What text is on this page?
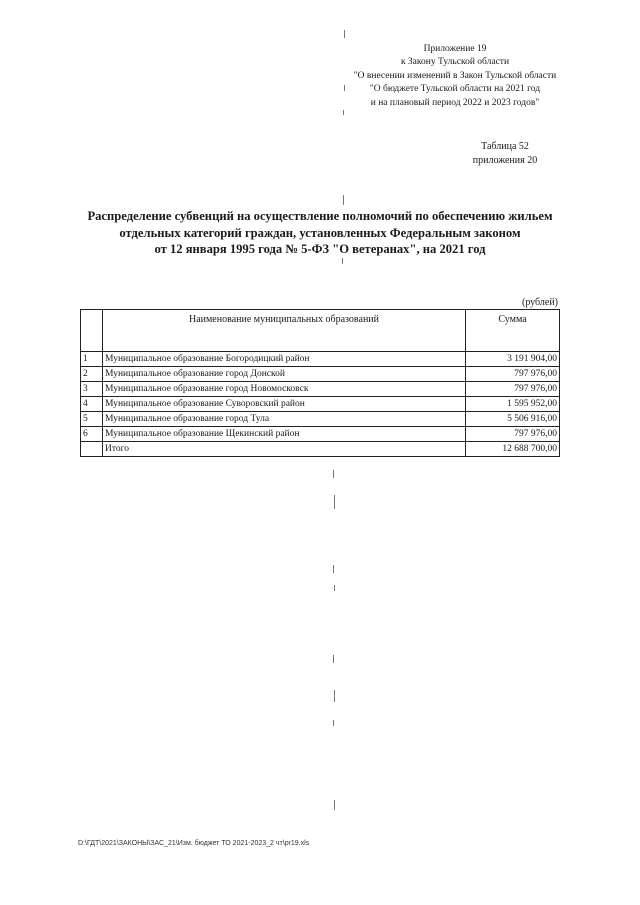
Приложение 19
к Закону Тульской области
"О внесении изменений в Закон Тульской области
"О бюджете Тульской области на 2021 год
и на плановый период 2022 и 2023 годов"
Таблица 52
приложения 20
Распределение субвенций на осуществление полномочий по обеспечению жильем
отдельных категорий граждан, установленных Федеральным законом
от 12 января 1995 года № 5-ФЗ "О ветеранах", на 2021 год
(рублей)
	Наименование муниципальных образований	Сумма
1	Муниципальное образование Богородицкий район	3 191 904,00
2	Муниципальное образование город Донской	797 976,00
3	Муниципальное образование город Новомосковск	797 976,00
4	Муниципальное образование Суворовский район	1 595 952,00
5	Муниципальное образование город Тула	5 506 916,00
6	Муниципальное образование Щекинский район	797 976,00
	Итого	12 688 700,00
D:\ГДТ\2021\ЗАКОНЫ\ЗАС_21\Изм. бюджет ТО 2021-2023_2 чт\pr19.xls
